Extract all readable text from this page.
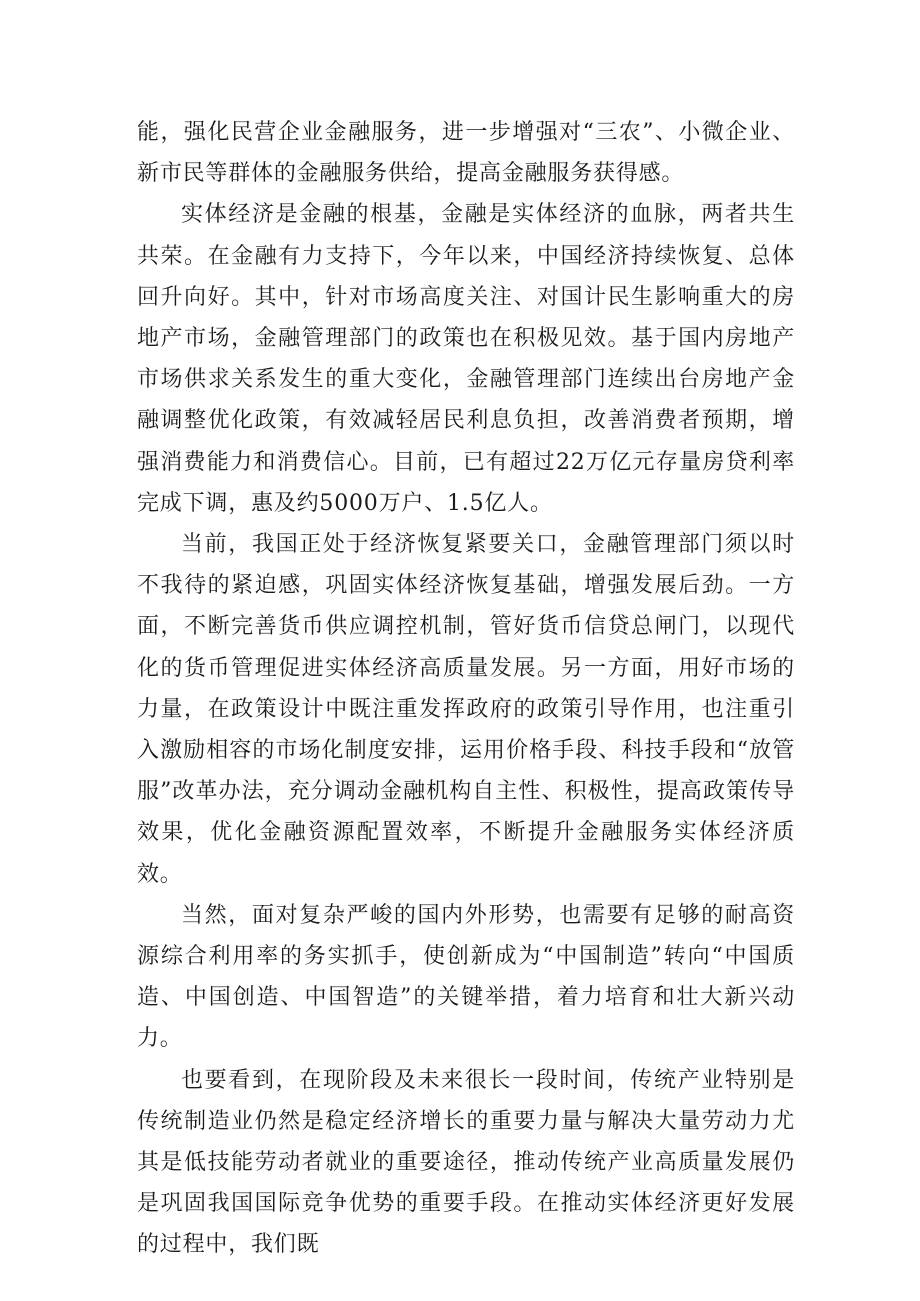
能，强化民营企业金融服务，进一步增强对“三农”、小微企业、新市民等群体的金融服务供给，提高金融服务获得感。

实体经济是金融的根基，金融是实体经济的血脉，两者共生共荣。在金融有力支持下，今年以来，中国经济持续恢复、总体回升向好。其中，针对市场高度关注、对国计民生影响重大的房地产市场，金融管理部门的政策也在积极见效。基于国内房地产市场供求关系发生的重大变化，金融管理部门连续出台房地产金融调整优化政策，有效减轻居民利息负担，改善消费者预期，增强消费能力和消费信心。目前，已有超过22万亿元存量房贷利率完成下调，惠及约5000万户、1.5亿人。

当前，我国正处于经济恢复紧要关口，金融管理部门须以时不我待的紧迫感，巩固实体经济恢复基础，增强发展后劲。一方面，不断完善货币供应调控机制，管好货币信贷总闸门，以现代化的货币管理促进实体经济高质量发展。另一方面，用好市场的力量，在政策设计中既注重发挥政府的政策引导作用，也注重引入激励相容的市场化制度安排，运用价格手段、科技手段和“放管服”改革办法，充分调动金融机构自主性、积极性，提高政策传导效果，优化金融资源配置效率，不断提升金融服务实体经济质效。

当然，面对复杂严峻的国内外形势，也需要有足够的耐高资源综合利用率的务实抓手，使创新成为“中国制造”转向“中国质造、中国创造、中国智造”的关键举措，着力培育和壮大新兴动力。

也要看到，在现阶段及未来很长一段时间，传统产业特别是传统制造业仍然是稳定经济增长的重要力量与解决大量劳动力尤其是低技能劳动者就业的重要途径，推动传统产业高质量发展仍是巩固我国国际竞争优势的重要手段。在推动实体经济更好发展的过程中，我们既
